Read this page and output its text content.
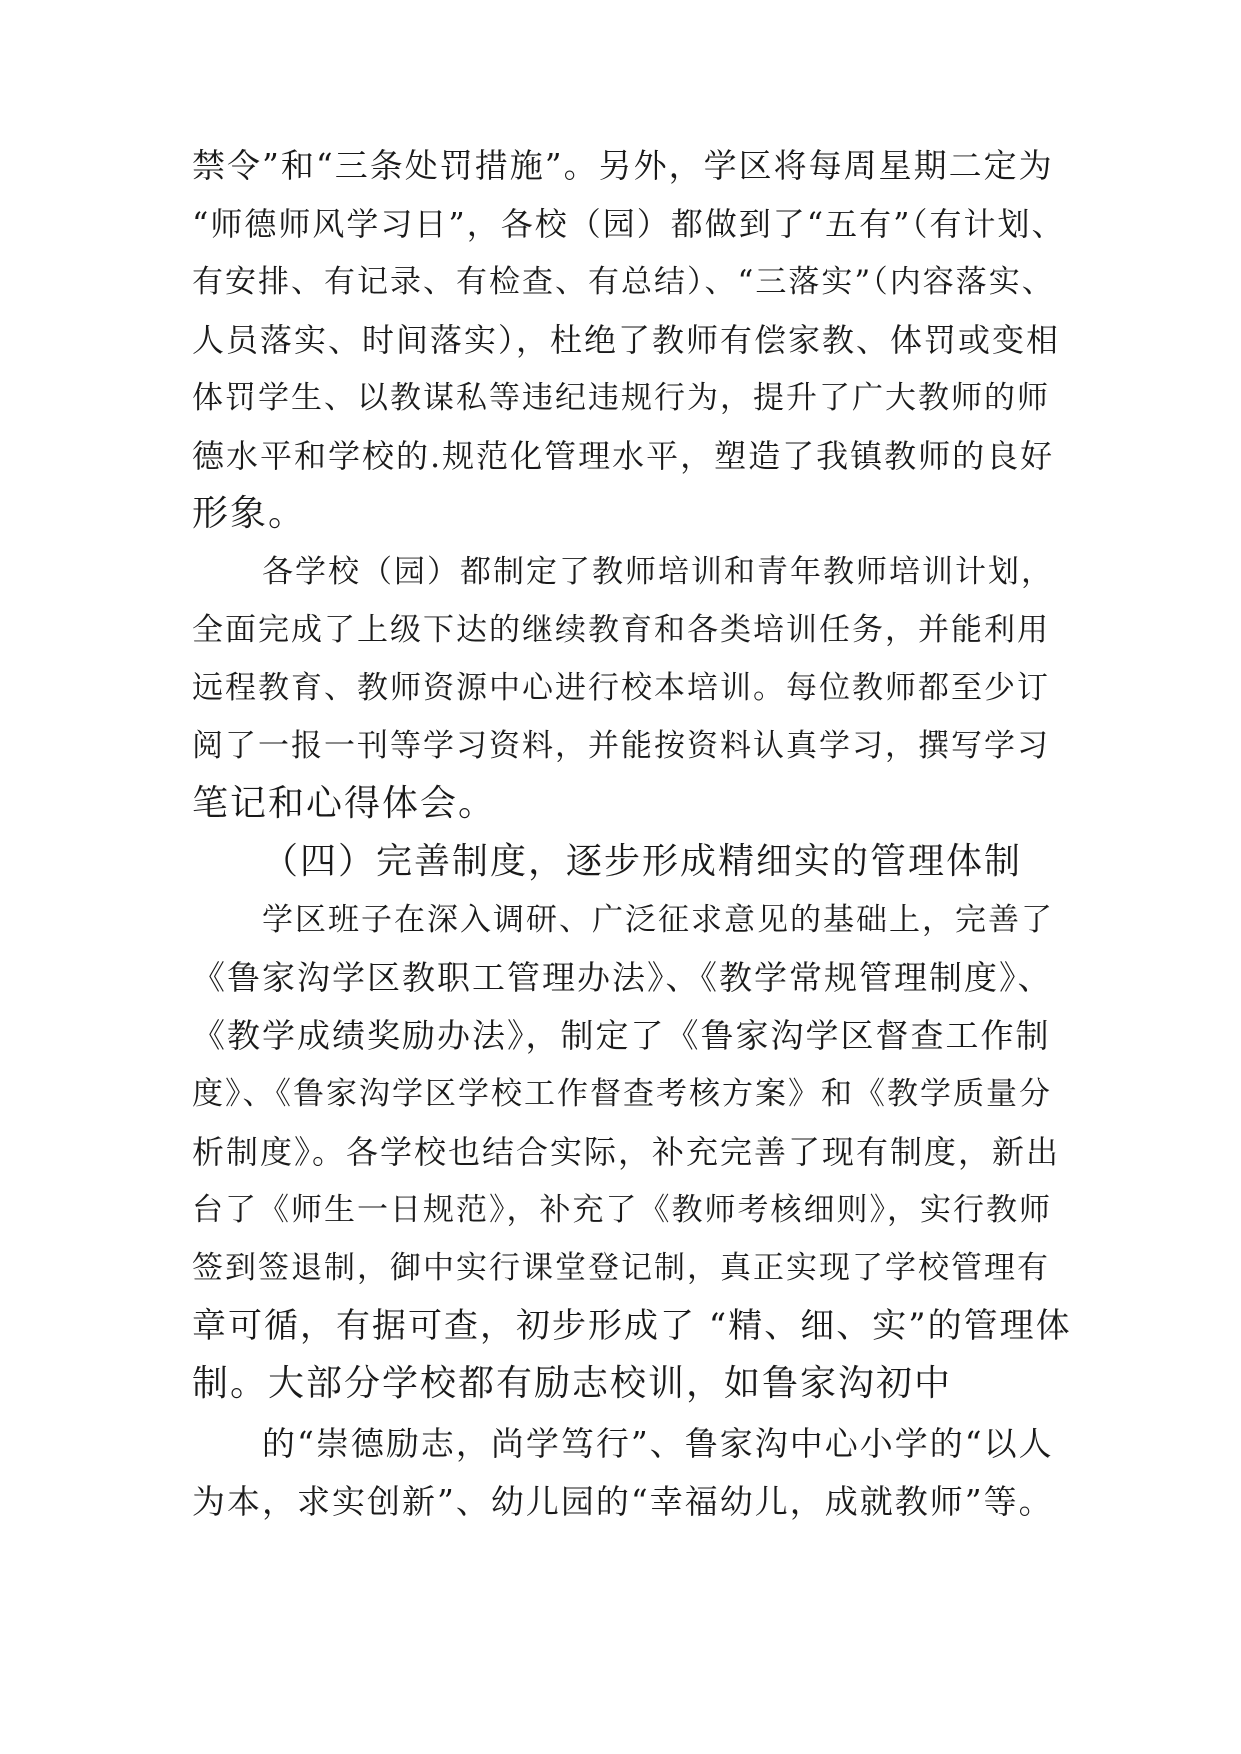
禁令”和“三条处罚措施”。另外，学区将每周星期二定为
“师德师风学习日”，各校（园）都做到了“五有”（有计划、
有安排、有记录、有检查、有总结）、“三落实”（内容落实、
人员落实、时间落实），杜绝了教师有偿家教、体罚或变相
体罚学生、以教谋私等违纪违规行为，提升了广大教师的师
德水平和学校的.规范化管理水平，塑造了我镇教师的良好
形象。
各学校（园）都制定了教师培训和青年教师培训计划，
全面完成了上级下达的继续教育和各类培训任务，并能利用
远程教育、教师资源中心进行校本培训。每位教师都至少订
阅了一报一刊等学习资料，并能按资料认真学习，撰写学习
笔记和心得体会。
（四）完善制度，逐步形成精细实的管理体制
学区班子在深入调研、广泛征求意见的基础上，完善了
《鲁家沟学区教职工管理办法》、《教学常规管理制度》、
《教学成绩奖励办法》，制定了《鲁家沟学区督查工作制
度》、《鲁家沟学区学校工作督查考核方案》和《教学质量分
析制度》。各学校也结合实际，补充完善了现有制度，新出
台了《师生一日规范》，补充了《教师考核细则》，实行教师
签到签退制，御中实行课堂登记制，真正实现了学校管理有
章可循，有据可查，初步形成了 “精、细、实”的管理体
制。大部分学校都有励志校训，如鲁家沟初中
的“崇德励志，尚学笃行”、鲁家沟中心小学的“以人
为本，求实创新”、幼儿园的“幸福幼儿，成就教师”等。
